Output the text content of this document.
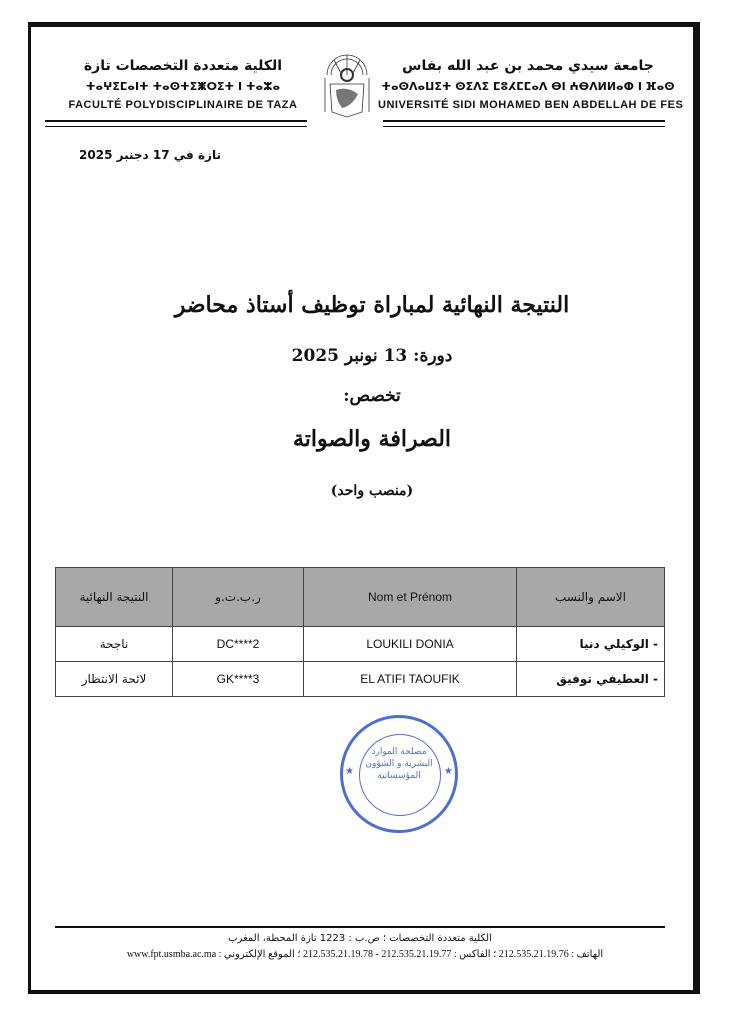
الكلية متعددة التخصصات تازة
ⵜⴰⵖⵉⵎⴰⵏⵜ ⵜⴰⵙⵜⵉⵥⵔⵉⵜ ⵏ ⵜⴰⵣⴰ
FACULTÉ POLYDISCIPLINAIRE DE TAZA
جامعة سيدي محمد بن عبد الله بفاس
ⵜⴰⵙⴷⴰⵡⵉⵜ ⵙⵉⴷⵉ ⵎⵓⵃⵎⵎⴰⴷ ⴱⵏ ⵄⴱⴷⵍⵍⴰⵀ ⵏ ⴼⴰⵙ
UNIVERSITÉ SIDI MOHAMED BEN ABDELLAH DE FES
تازة في 17 دجنبر 2025
النتيجة النهائية لمباراة توظيف أستاذ محاضر
دورة: 13 نونبر 2025
تخصص:
الصرافة والصواتة
(منصب واحد)
الاسم والنسب	Nom et Prénom	ر.ب.ت.و	النتيجة النهائية
- الوكيلي دنيا	LOUKILI DONIA	DC****2	ناجحة
- العطيفي توفيق	EL ATIFI TAOUFIK	GK****3	لائحة الانتظار
★	★
مصلحة الموارد البشرية و الشؤون المؤسساتية
الكلية متعددة التخصصات ؛ ص.ب : 1223 تازة المحطة، المغرب
الهاتف : 212.535.21.19.76 ؛ الفاكس : 212.535.21.19.77 - 212.535.21.19.78 ؛ الموقع الإلكتروني : www.fpt.usmba.ac.ma
